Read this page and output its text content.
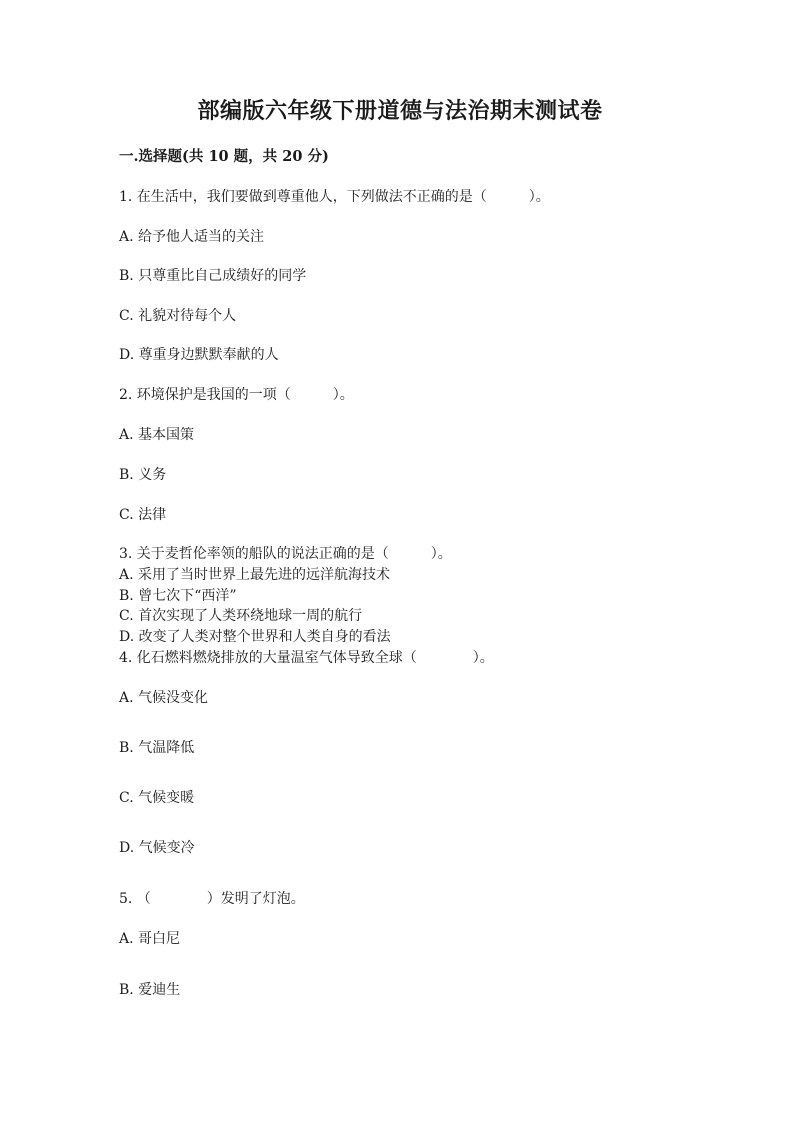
部编版六年级下册道德与法治期末测试卷
一.选择题(共 10 题，共 20 分)
1. 在生活中，我们要做到尊重他人，下列做法不正确的是（　　　）。
A. 给予他人适当的关注
B. 只尊重比自己成绩好的同学
C. 礼貌对待每个人
D. 尊重身边默默奉献的人
2. 环境保护是我国的一项（　　　）。
A. 基本国策
B. 义务
C. 法律
3. 关于麦哲伦率领的船队的说法正确的是（　　　）。
A. 采用了当时世界上最先进的远洋航海技术
B. 曾七次下“西洋”
C. 首次实现了人类环绕地球一周的航行
D. 改变了人类对整个世界和人类自身的看法
4. 化石燃料燃烧排放的大量温室气体导致全球（　　　　）。
A. 气候没变化
B. 气温降低
C. 气候变暖
D. 气候变冷
5. （　　　　）发明了灯泡。
A. 哥白尼
B. 爱迪生
